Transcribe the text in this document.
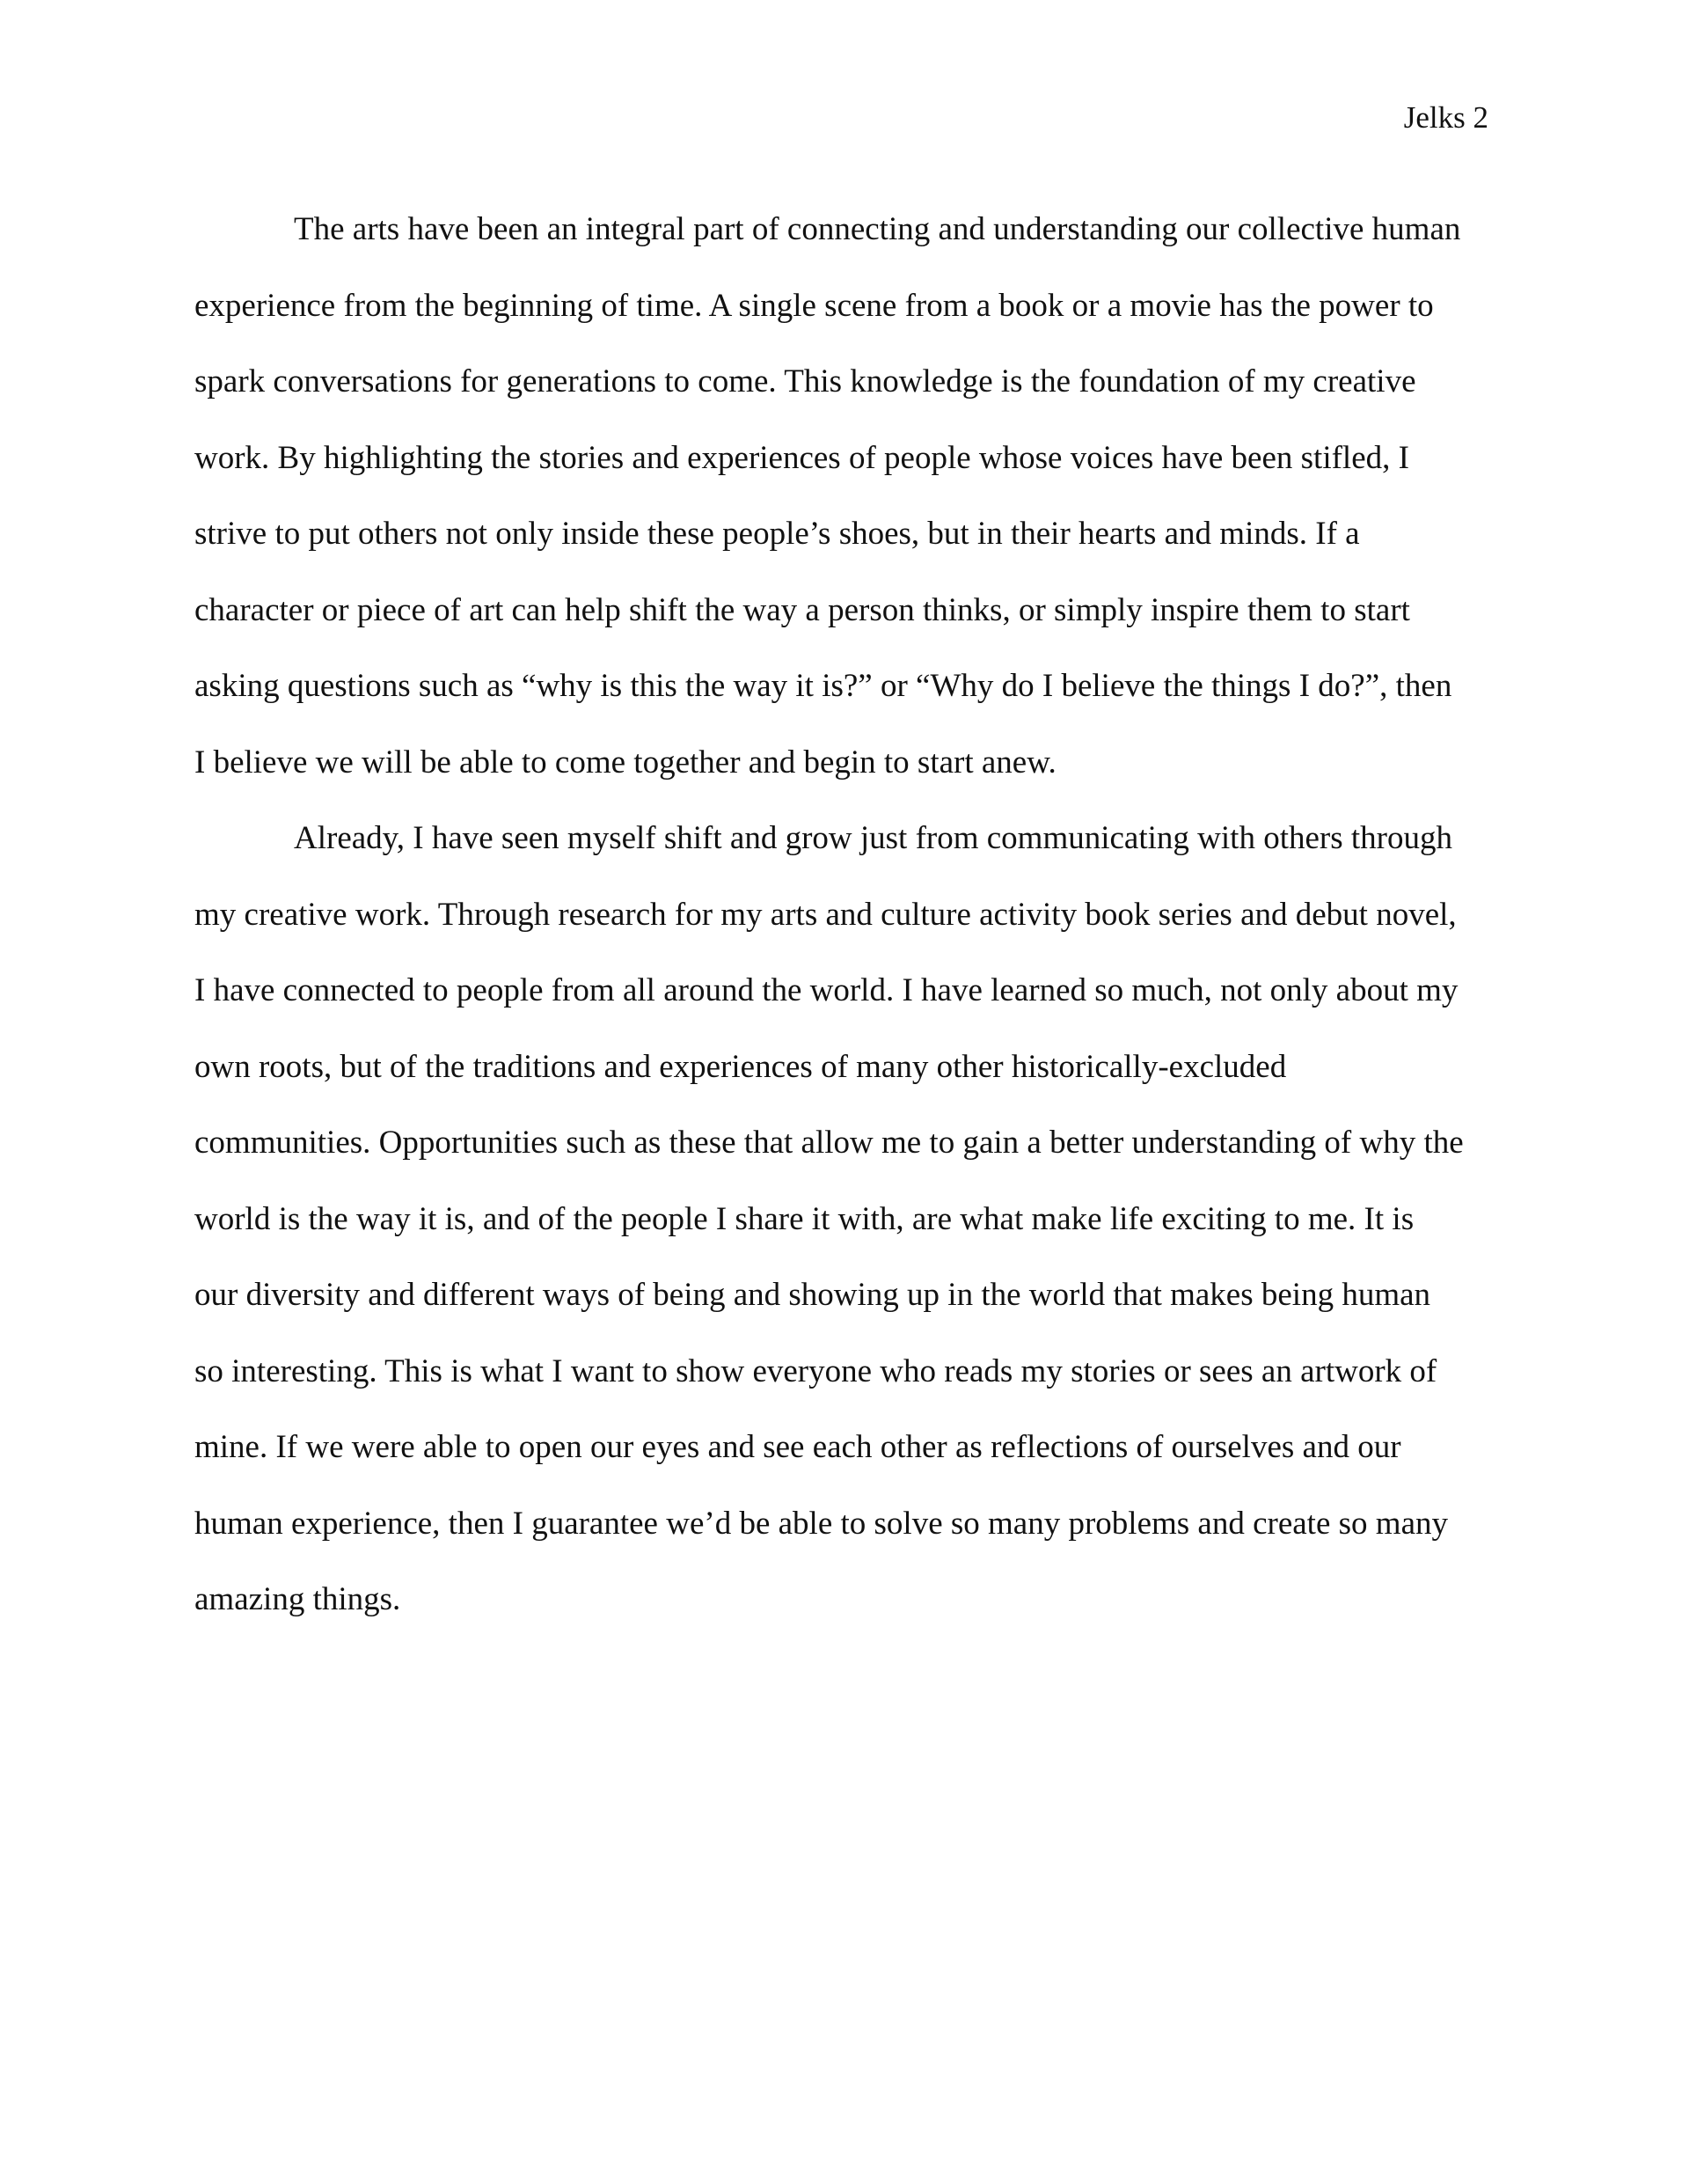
Jelks 2
The arts have been an integral part of connecting and understanding our collective human
experience from the beginning of time. A single scene from a book or a movie has the power to
spark conversations for generations to come. This knowledge is the foundation of my creative
work. By highlighting the stories and experiences of people whose voices have been stifled, I
strive to put others not only inside these people’s shoes, but in their hearts and minds. If a
character or piece of art can help shift the way a person thinks, or simply inspire them to start
asking questions such as “why is this the way it is?” or “Why do I believe the things I do?”, then
I believe we will be able to come together and begin to start anew.
Already, I have seen myself shift and grow just from communicating with others through
my creative work. Through research for my arts and culture activity book series and debut novel,
I have connected to people from all around the world. I have learned so much, not only about my
own roots, but of the traditions and experiences of many other historically-excluded
communities. Opportunities such as these that allow me to gain a better understanding of why the
world is the way it is, and of the people I share it with, are what make life exciting to me. It is
our diversity and different ways of being and showing up in the world that makes being human
so interesting. This is what I want to show everyone who reads my stories or sees an artwork of
mine. If we were able to open our eyes and see each other as reflections of ourselves and our
human experience, then I guarantee we’d be able to solve so many problems and create so many
amazing things.
